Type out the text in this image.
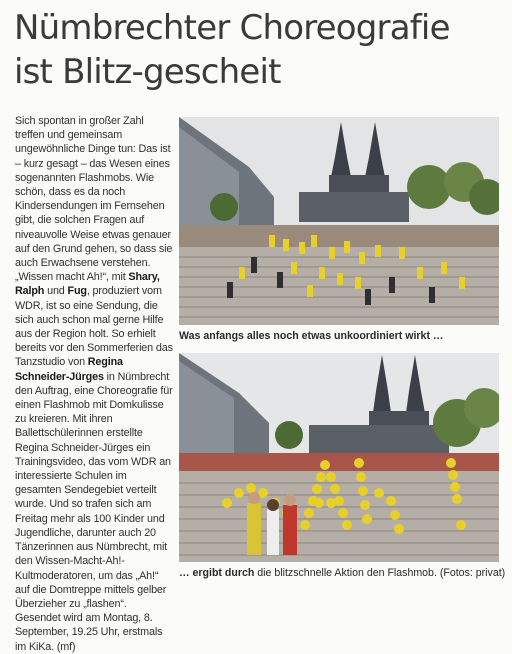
Nümbrechter Choreografie
ist Blitz-gescheit

Sich spontan in großer Zahl treffen und gemeinsam ungewöhnliche Dinge tun: Das ist – kurz gesagt – das Wesen eines sogenannten Flashmobs. Wie schön, dass es da noch Kindersendungen im Fernsehen gibt, die solchen Fragen auf niveauvolle Weise etwas genauer auf den Grund gehen, so dass sie auch Erwachsene verstehen. „Wissen macht Ah!“, mit Shary, Ralph und Fug, produziert vom WDR, ist so eine Sendung, die sich auch schon mal gerne Hilfe aus der Region holt. So erhielt bereits vor den Sommerferien das Tanzstudio von Regina Schneider-Jürges in Nümbrecht den Auftrag, eine Choreografie für einen Flashmob mit Domkulisse zu kreieren. Mit ihren Ballettschülerinnen erstellte Regina Schneider-Jürges ein Trainingsvideo, das vom WDR an interessierte Schulen im gesamten Sendegebiet verteilt wurde. Und so trafen sich am Freitag mehr als 100 Kinder und Jugendliche, darunter auch 20 Tänzerinnen aus Nümbrecht, mit den Wissen-Macht-Ah!-Kultmoderatoren, um das „Ah!“ auf die Domtreppe mittels gelber Überzieher zu „flashen“. Gesendet wird am Montag, 8. September, 19.25 Uhr, erstmals im KiKa. (mf)

Was anfangs alles noch etwas unkoordiniert wirkt …
… ergibt durch die blitzschnelle Aktion den Flashmob. (Fotos: privat)
